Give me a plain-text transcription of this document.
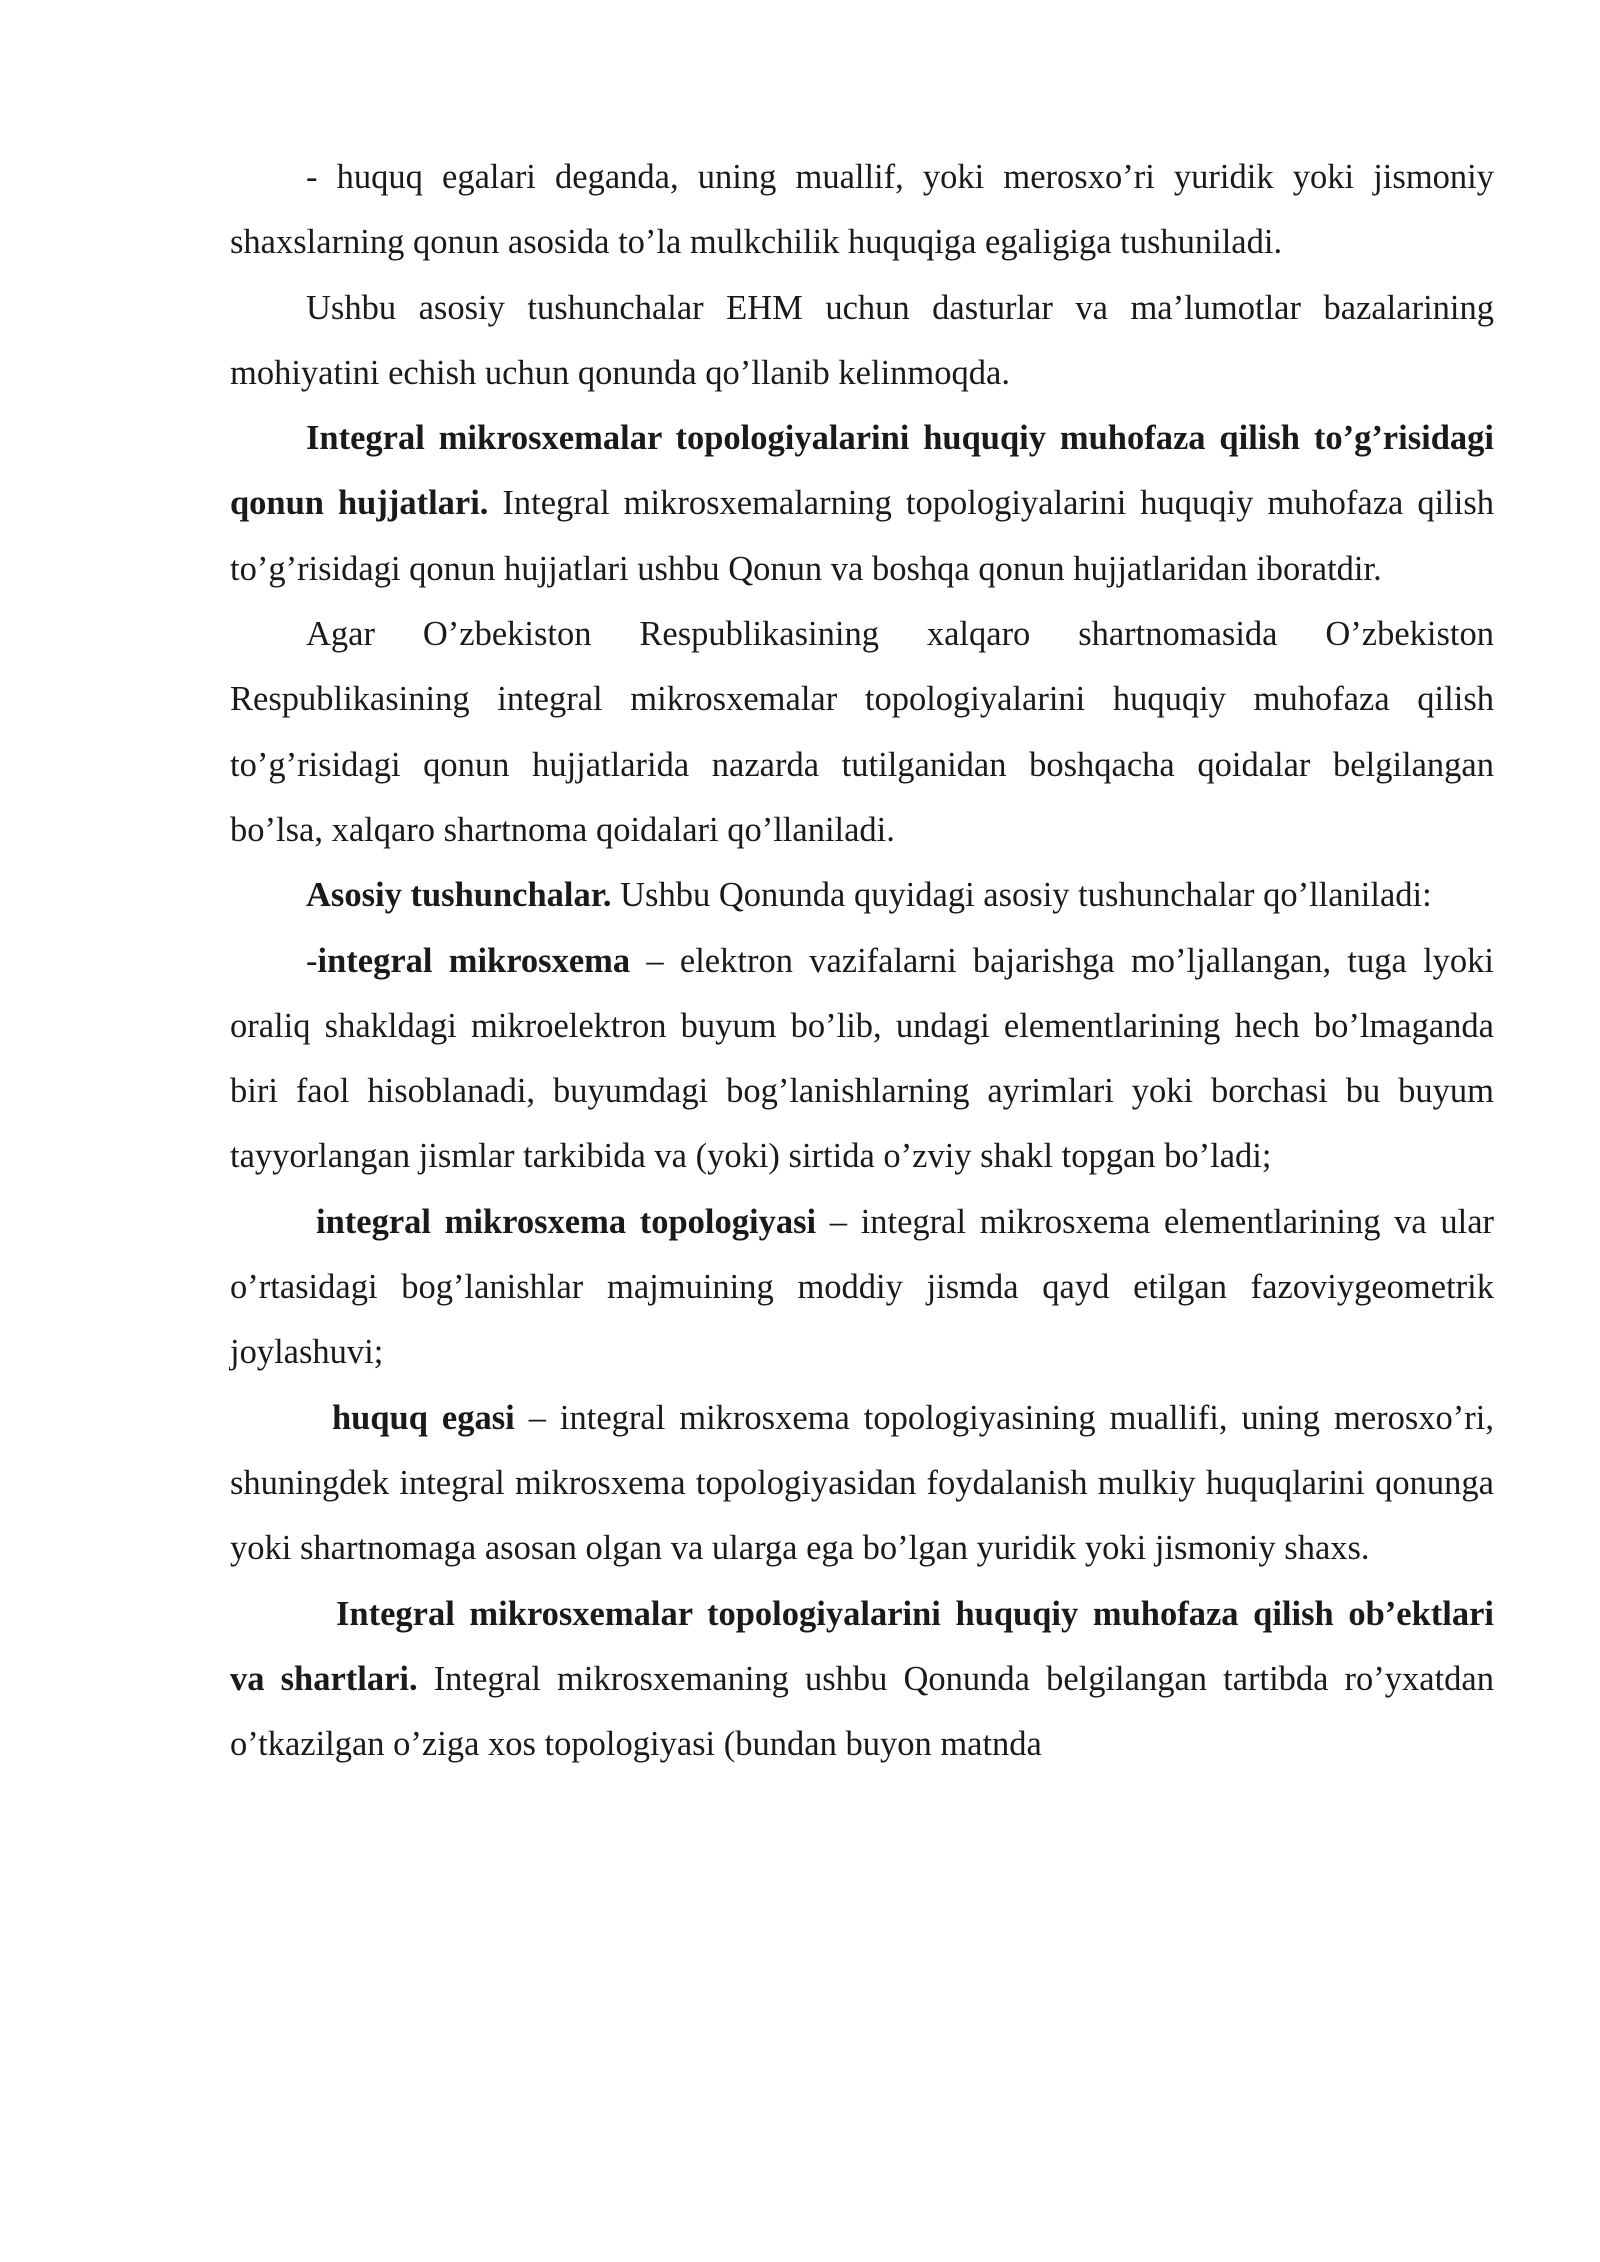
- huquq egalari deganda, uning muallif, yoki merosxo’ri yuridik yoki jismoniy shaxslarning qonun asosida to’la mulkchilik huquqiga egaligiga tushuniladi.

Ushbu asosiy tushunchalar EHM uchun dasturlar va ma’lumotlar bazalarining mohiyatini echish uchun qonunda qo’llanib kelinmoqda.

Integral mikrosxemalar topologiyalarini huquqiy muhofaza qilish to’g’risidagi qonun hujjatlari. Integral mikrosxemalarning topologiyalarini huquqiy muhofaza qilish to’g’risidagi qonun hujjatlari ushbu Qonun va boshqa qonun hujjatlaridan iboratdir.

Agar O’zbekiston Respublikasining xalqaro shartnomasida O’zbekiston Respublikasining integral mikrosxemalar topologiyalarini huquqiy muhofaza qilish to’g’risidagi qonun hujjatlarida nazarda tutilganidan boshqacha qoidalar belgilangan bo’lsa, xalqaro shartnoma qoidalari qo’llaniladi.

Asosiy tushunchalar. Ushbu Qonunda quyidagi asosiy tushunchalar qo’llaniladi:

-integral mikrosxema – elektron vazifalarni bajarishga mo’ljallangan, tuga lyoki oraliq shakldagi mikroelektron buyum bo’lib, undagi elementlarining hech bo’lmaganda biri faol hisoblanadi, buyumdagi bog’lanishlarning ayrimlari yoki borchasi bu buyum tayyorlangan jismlar tarkibida va (yoki) sirtida o’zviy shakl topgan bo’ladi;

integral mikrosxema topologiyasi – integral mikrosxema elementlarining va ular o’rtasidagi bog’lanishlar majmuining moddiy jismda qayd etilgan fazoviygeometrik joylashuvi;

huquq egasi – integral mikrosxema topologiyasining muallifi, uning merosxo’ri, shuningdek integral mikrosxema topologiyasidan foydalanish mulkiy huquqlarini qonunga yoki shartnomaga asosan olgan va ularga ega bo’lgan yuridik yoki jismoniy shaxs.

Integral mikrosxemalar topologiyalarini huquqiy muhofaza qilish ob’ektlari va shartlari. Integral mikrosxemaning ushbu Qonunda belgilangan tartibda ro’yxatdan o’tkazilgan o’ziga xos topologiyasi (bundan buyon matnda
